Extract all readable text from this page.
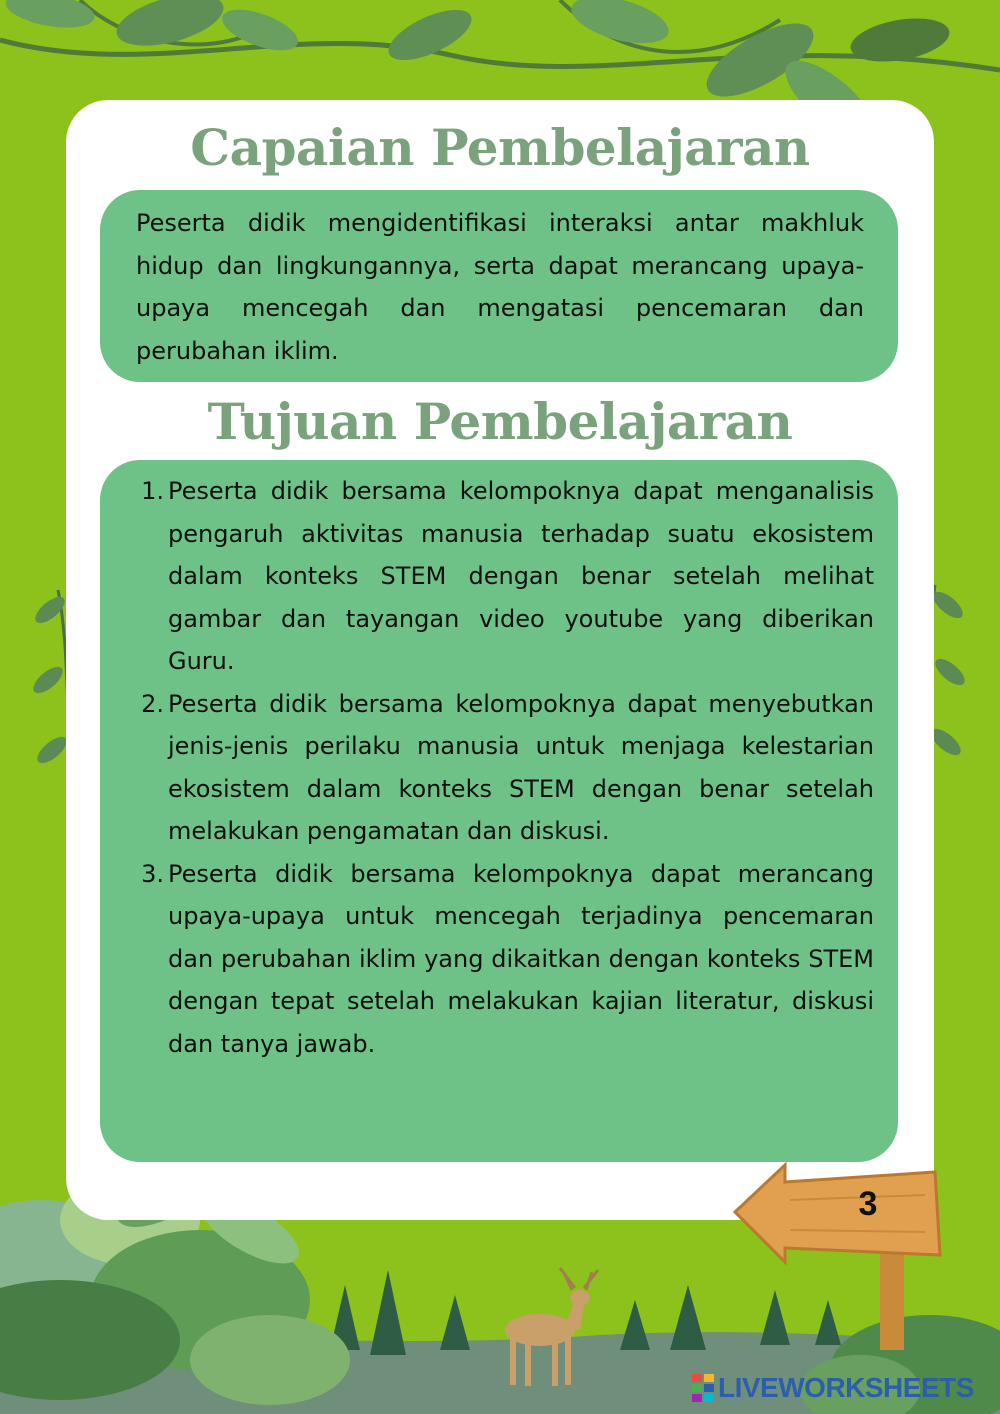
Capaian Pembelajaran

Peserta didik mengidentifikasi interaksi antar makhluk hidup dan lingkungannya, serta dapat merancang upaya-upaya mencegah dan mengatasi pencemaran dan perubahan iklim.

Tujuan Pembelajaran
1. Peserta didik bersama kelompoknya dapat menganalisis pengaruh aktivitas manusia terhadap suatu ekosistem dalam konteks STEM dengan benar setelah melihat gambar dan tayangan video youtube yang diberikan Guru.
2. Peserta didik bersama kelompoknya dapat menyebutkan jenis-jenis perilaku manusia untuk menjaga kelestarian ekosistem dalam konteks STEM dengan benar setelah melakukan pengamatan dan diskusi.
3. Peserta didik bersama kelompoknya dapat merancang upaya-upaya untuk mencegah terjadinya pencemaran dan perubahan iklim yang dikaitkan dengan konteks STEM dengan tepat setelah melakukan kajian literatur, diskusi dan tanya jawab.
3
LIVEWORKSHEETS
